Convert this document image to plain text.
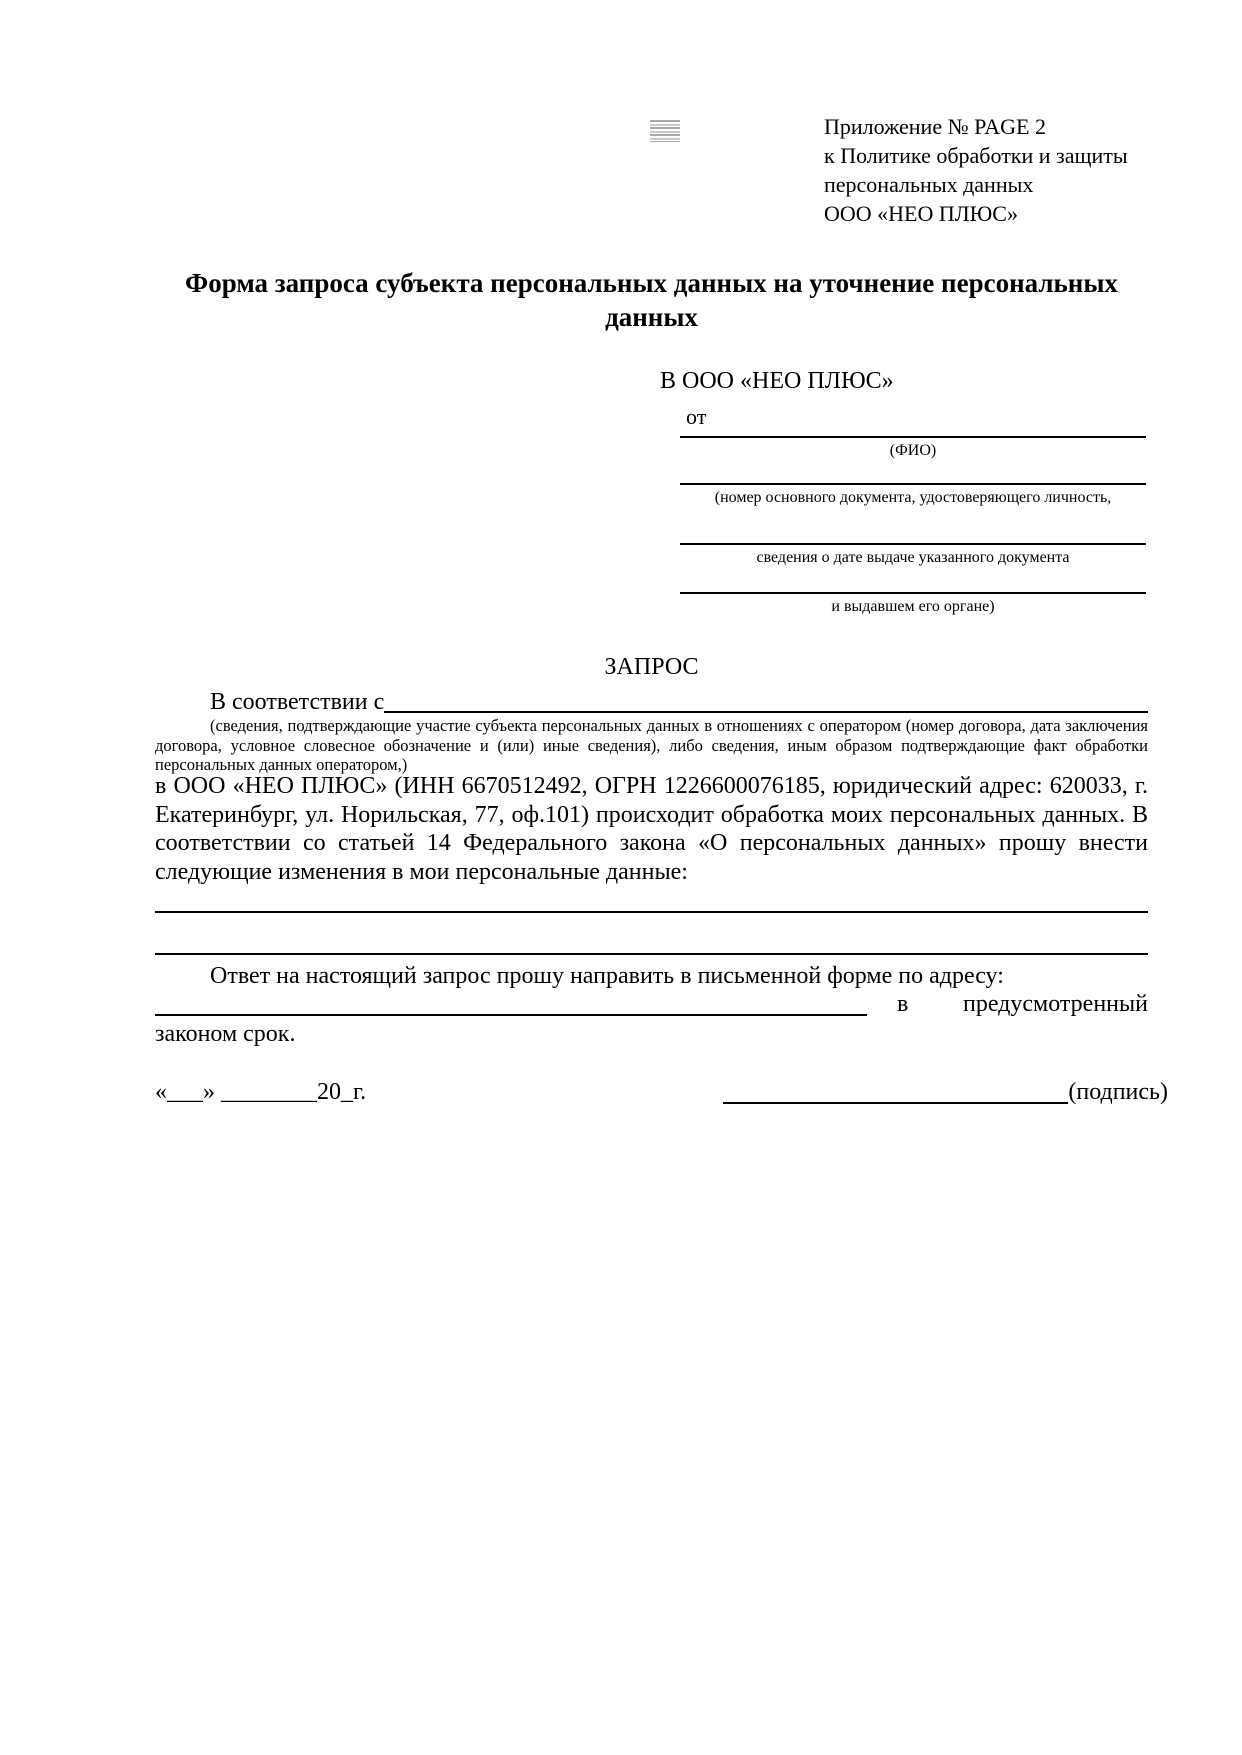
Приложение № PAGE 2
к Политике обработки и защиты
персональных данных
ООО «НЕО ПЛЮС»
Форма запроса субъекта персональных данных на уточнение персональных данных
В ООО «НЕО ПЛЮС»
от
(ФИО)
(номер основного документа, удостоверяющего личность,
сведения о дате выдаче указанного документа
и выдавшем его органе)
ЗАПРОС
В соответствии с
(сведения, подтверждающие участие субъекта персональных данных в отношениях с оператором (номер договора, дата заключения договора, условное словесное обозначение и (или) иные сведения), либо сведения, иным образом подтверждающие факт обработки персональных данных оператором,)
в ООО «НЕО ПЛЮС» (ИНН 6670512492, ОГРН 1226600076185, юридический адрес: 620033, г. Екатеринбург, ул. Норильская, 77, оф.101) происходит обработка моих персональных данных. В соответствии со статьей 14 Федерального закона «О персональных данных» прошу внести следующие изменения в мои персональные данные:
Ответ на настоящий запрос прошу направить в письменной форме по адресу:
в предусмотренный
законом срок.
«___» ________20_г.	(подпись)
